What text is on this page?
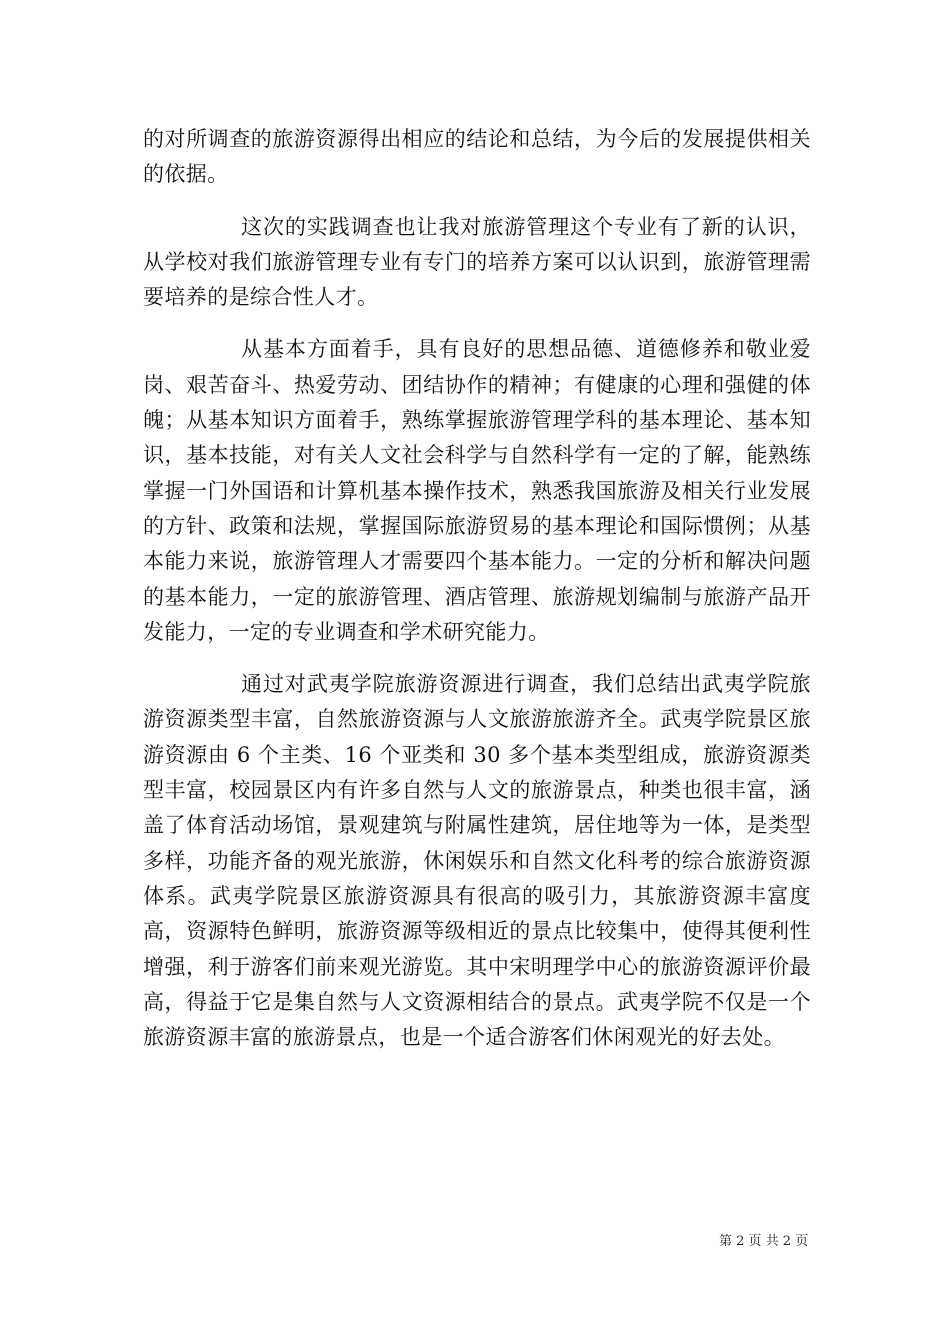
的对所调查的旅游资源得出相应的结论和总结，为今后的发展提供相关的依据。

这次的实践调查也让我对旅游管理这个专业有了新的认识，从学校对我们旅游管理专业有专门的培养方案可以认识到，旅游管理需要培养的是综合性人才。

从基本方面着手，具有良好的思想品德、道德修养和敬业爱岗、艰苦奋斗、热爱劳动、团结协作的精神；有健康的心理和强健的体魄；从基本知识方面着手，熟练掌握旅游管理学科的基本理论、基本知识，基本技能，对有关人文社会科学与自然科学有一定的了解，能熟练掌握一门外国语和计算机基本操作技术，熟悉我国旅游及相关行业发展的方针、政策和法规，掌握国际旅游贸易的基本理论和国际惯例；从基本能力来说，旅游管理人才需要四个基本能力。一定的分析和解决问题的基本能力，一定的旅游管理、酒店管理、旅游规划编制与旅游产品开发能力，一定的专业调查和学术研究能力。

通过对武夷学院旅游资源进行调查，我们总结出武夷学院旅游资源类型丰富，自然旅游资源与人文旅游旅游齐全。武夷学院景区旅游资源由 6 个主类、16 个亚类和 30 多个基本类型组成，旅游资源类型丰富，校园景区内有许多自然与人文的旅游景点，种类也很丰富，涵盖了体育活动场馆，景观建筑与附属性建筑，居住地等为一体，是类型多样，功能齐备的观光旅游，休闲娱乐和自然文化科考的综合旅游资源体系。武夷学院景区旅游资源具有很高的吸引力，其旅游资源丰富度高，资源特色鲜明，旅游资源等级相近的景点比较集中，使得其便利性增强，利于游客们前来观光游览。其中宋明理学中心的旅游资源评价最高，得益于它是集自然与人文资源相结合的景点。武夷学院不仅是一个旅游资源丰富的旅游景点，也是一个适合游客们休闲观光的好去处。

第 2 页 共 2 页
